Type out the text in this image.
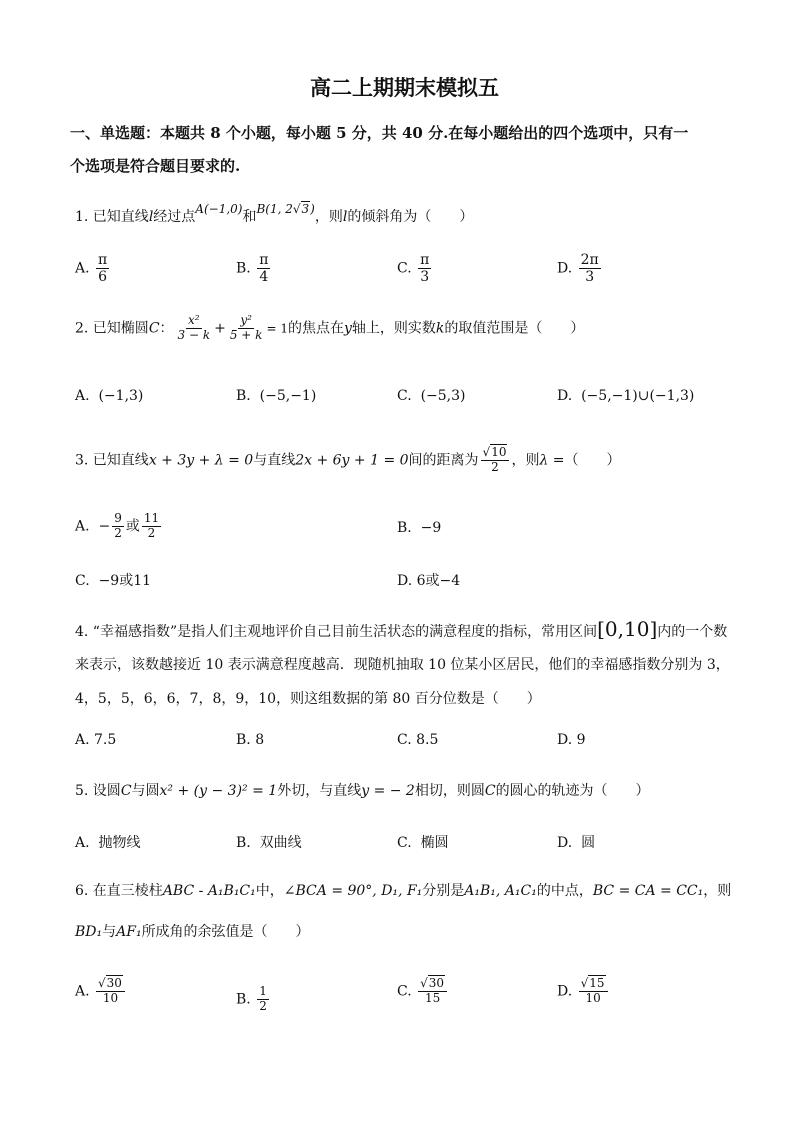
高二上期期末模拟五
一、单选题：本题共 8 个小题，每小题 5 分，共 40 分.在每小题给出的四个选项中，只有一
个选项是符合题目要求的.
1. 已知直线l经过点A(−1,0)和B(1, 2√3)，则l的倾斜角为（　　）
A. $\frac{\pi}{6}$	B. $\frac{\pi}{4}$	C. $\frac{\pi}{3}$	D. $\frac{2\pi}{3}$
2. 已知椭圆C： $\frac{\text{x²}}{3 - k} + \frac{\text{y²}}{5 + k} = 1$的焦点在y轴上，则实数k的取值范围是（　　）
A. (−1,3)	B. (−5,−1)	C. (−5,3)	D. (−5,−1)∪(−1,3)
3. 已知直线x + 3y + λ = 0与直线2x + 6y + 1 = 0间的距离为 $\frac{√10}{2}$ ，则λ =（　　）
A. − $\frac{9}{2}$ 或 $\frac{11}{2}$	B. −9
C. −9或11	D. 6或−4
4. “幸福感指数”是指人们主观地评价自己目前生活状态的满意程度的指标，常用区间[0,10]内的一个数
来表示，该数越接近 10 表示满意程度越高．现随机抽取 10 位某小区居民，他们的幸福感指数分别为 3，
4，5，5，6，6，7，8，9，10，则这组数据的第 80 百分位数是（　　）
A. 7.5	B. 8	C. 8.5	D. 9
5. 设圆C与圆x² + (y − 3)² = 1外切，与直线y = − 2相切，则圆C的圆心的轨迹为（　　）
A. 抛物线	B. 双曲线	C. 椭圆	D. 圆
6. 在直三棱柱ABC - A₁B₁C₁中，∠BCA = 90°, D₁, F₁分别是A₁B₁, A₁C₁的中点，BC = CA = CC₁，则
BD₁与AF₁所成角的余弦值是（　　）
A. $\frac{√30}{10}$	B. $\frac{1}{2}$	C. $\frac{√30}{15}$	D. $\frac{√15}{10}$
